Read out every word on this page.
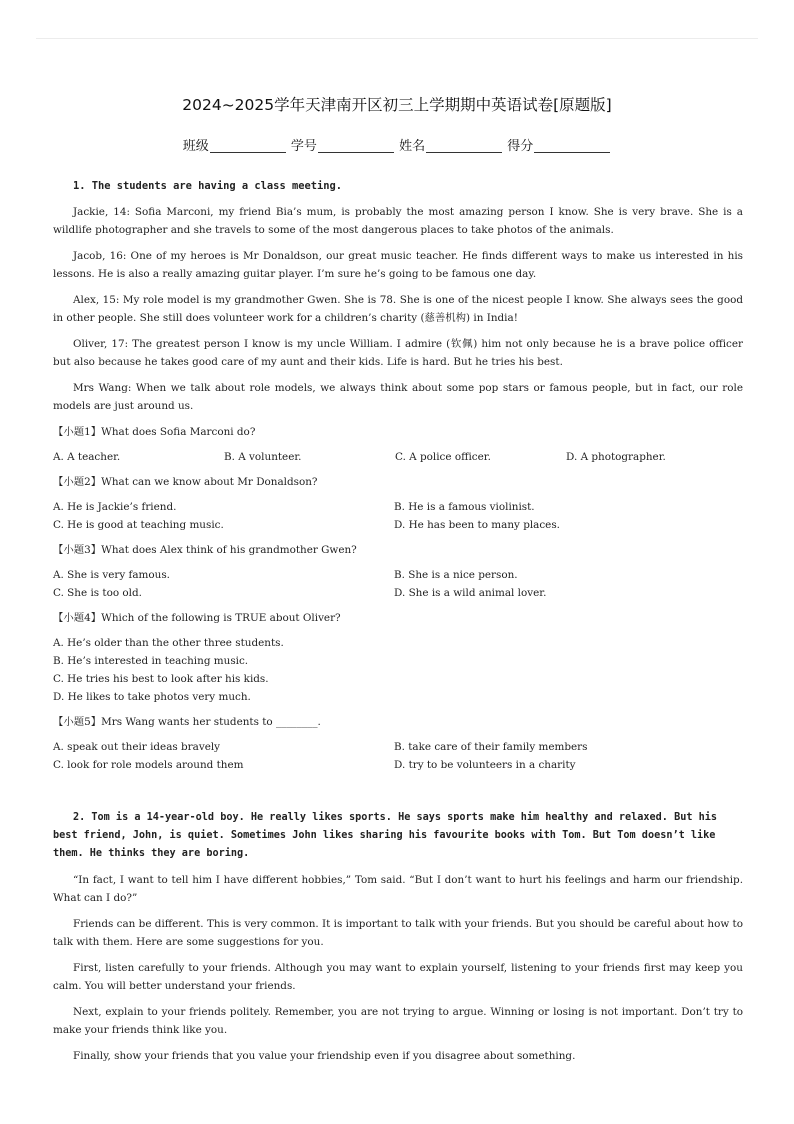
2024~2025学年天津南开区初三上学期期中英语试卷[原题版]
班级	学号	姓名	得分

1. The students are having a class meeting.

Jackie, 14: Sofia Marconi, my friend Bia’s mum, is probably the most amazing person I know. She is very brave. She is a wildlife photographer and she travels to some of the most dangerous places to take photos of the animals.

Jacob, 16: One of my heroes is Mr Donaldson, our great music teacher. He finds different ways to make us interested in his lessons. He is also a really amazing guitar player. I’m sure he’s going to be famous one day.

Alex, 15: My role model is my grandmother Gwen. She is 78. She is one of the nicest people I know. She always sees the good in other people. She still does volunteer work for a children’s charity (慈善机构) in India!

Oliver, 17: The greatest person I know is my uncle William. I admire (钦佩) him not only because he is a brave police officer but also because he takes good care of my aunt and their kids. Life is hard. But he tries his best.

Mrs Wang: When we talk about role models, we always think about some pop stars or famous people, but in fact, our role models are just around us.

【小题1】What does Sofia Marconi do?

A. A teacher.	B. A volunteer.	C. A police officer.	D. A photographer.

【小题2】What can we know about Mr Donaldson?

A. He is Jackie’s friend.	B. He is a famous violinist.
C. He is good at teaching music.	D. He has been to many places.

【小题3】What does Alex think of his grandmother Gwen?

A. She is very famous.	B. She is a nice person.
C. She is too old.	D. She is a wild animal lover.

【小题4】Which of the following is TRUE about Oliver?

A. He’s older than the other three students.
B. He’s interested in teaching music.
C. He tries his best to look after his kids.
D. He likes to take photos very much.

【小题5】Mrs Wang wants her students to ________.

A. speak out their ideas bravely	B. take care of their family members
C. look for role models around them	D. try to be volunteers in a charity

2. Tom is a 14-year-old boy. He really likes sports. He says sports make him healthy and relaxed. But his best friend, John, is quiet. Sometimes John likes sharing his favourite books with Tom. But Tom doesn’t like them. He thinks they are boring.

“In fact, I want to tell him I have different hobbies,” Tom said. “But I don’t want to hurt his feelings and harm our friendship. What can I do?”

Friends can be different. This is very common. It is important to talk with your friends. But you should be careful about how to talk with them. Here are some suggestions for you.

First, listen carefully to your friends. Although you may want to explain yourself, listening to your friends first may keep you calm. You will better understand your friends.

Next, explain to your friends politely. Remember, you are not trying to argue. Winning or losing is not important. Don’t try to make your friends think like you.

Finally, show your friends that you value your friendship even if you disagree about something.
